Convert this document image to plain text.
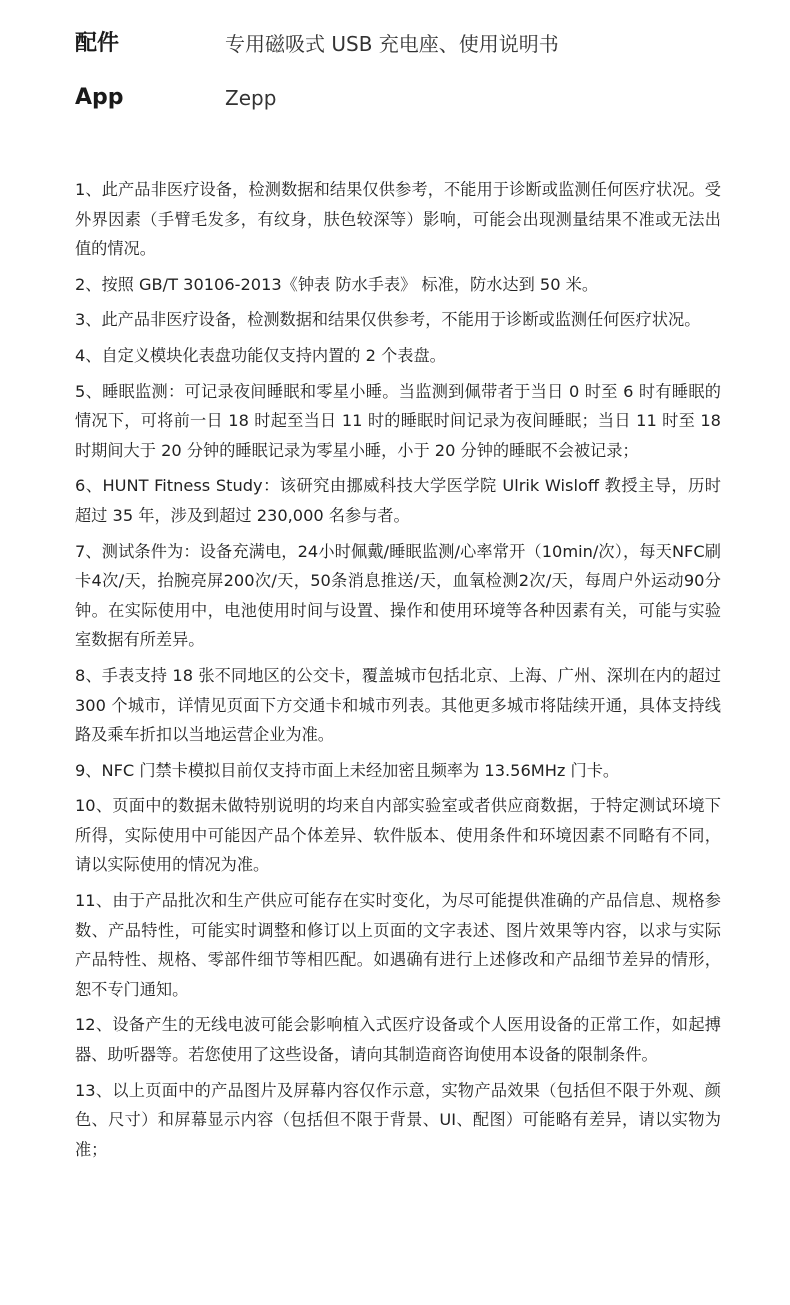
配件	专用磁吸式 USB 充电座、使用说明书
App	Zepp

1、此产品非医疗设备，检测数据和结果仅供参考，不能用于诊断或监测任何医疗状况。受外界因素（手臂毛发多，有纹身，肤色较深等）影响，可能会出现测量结果不准或无法出值的情况。

2、按照 GB/T 30106-2013《钟表 防水手表》 标准，防水达到 50 米。

3、此产品非医疗设备，检测数据和结果仅供参考，不能用于诊断或监测任何医疗状况。

4、自定义模块化表盘功能仅支持内置的 2 个表盘。

5、睡眠监测：可记录夜间睡眠和零星小睡。当监测到佩带者于当日 0 时至 6 时有睡眠的情况下，可将前一日 18 时起至当日 11 时的睡眠时间记录为夜间睡眠；当日 11 时至 18 时期间大于 20 分钟的睡眠记录为零星小睡，小于 20 分钟的睡眠不会被记录；

6、HUNT Fitness Study：该研究由挪威科技大学医学院 Ulrik Wisloff 教授主导，历时超过 35 年，涉及到超过 230,000 名参与者。

7、测试条件为：设备充满电，24小时佩戴/睡眠监测/心率常开（10min/次），每天NFC刷卡4次/天，抬腕亮屏200次/天，50条消息推送/天，血氧检测2次/天，每周户外运动90分钟。在实际使用中，电池使用时间与设置、操作和使用环境等各种因素有关，可能与实验室数据有所差异。

8、手表支持 18 张不同地区的公交卡，覆盖城市包括北京、上海、广州、深圳在内的超过 300 个城市，详情见页面下方交通卡和城市列表。其他更多城市将陆续开通，具体支持线路及乘车折扣以当地运营企业为准。

9、NFC 门禁卡模拟目前仅支持市面上未经加密且频率为 13.56MHz 门卡。

10、页面中的数据未做特别说明的均来自内部实验室或者供应商数据，于特定测试环境下所得，实际使用中可能因产品个体差异、软件版本、使用条件和环境因素不同略有不同，请以实际使用的情况为准。

11、由于产品批次和生产供应可能存在实时变化，为尽可能提供准确的产品信息、规格参数、产品特性，可能实时调整和修订以上页面的文字表述、图片效果等内容，以求与实际产品特性、规格、零部件细节等相匹配。如遇确有进行上述修改和产品细节差异的情形，恕不专门通知。

12、设备产生的无线电波可能会影响植入式医疗设备或个人医用设备的正常工作，如起搏器、助听器等。若您使用了这些设备，请向其制造商咨询使用本设备的限制条件。

13、以上页面中的产品图片及屏幕内容仅作示意，实物产品效果（包括但不限于外观、颜色、尺寸）和屏幕显示内容（包括但不限于背景、UI、配图）可能略有差异，请以实物为准；
